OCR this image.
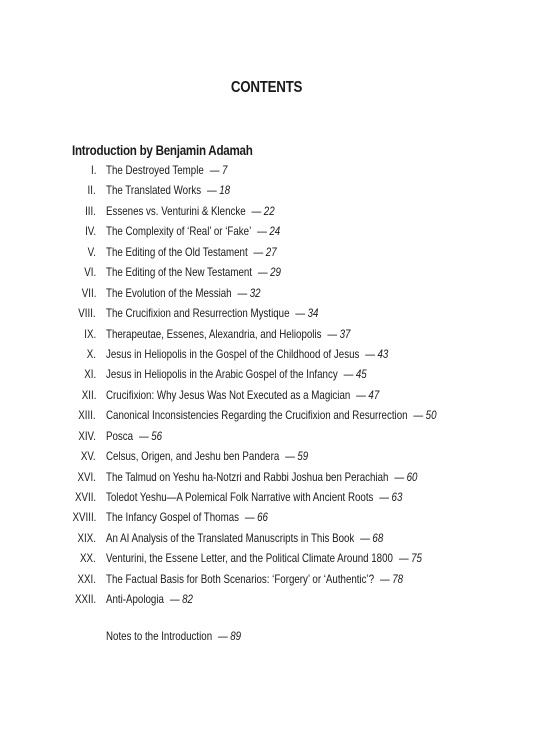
CONTENTS
Introduction by Benjamin Adamah
I. The Destroyed Temple — 7
II. The Translated Works — 18
III. Essenes vs. Venturini & Klencke — 22
IV. The Complexity of ‘Real’ or ‘Fake’ — 24
V. The Editing of the Old Testament — 27
VI. The Editing of the New Testament — 29
VII. The Evolution of the Messiah — 32
VIII. The Crucifixion and Resurrection Mystique — 34
IX. Therapeutae, Essenes, Alexandria, and Heliopolis — 37
X. Jesus in Heliopolis in the Gospel of the Childhood of Jesus — 43
XI. Jesus in Heliopolis in the Arabic Gospel of the Infancy — 45
XII. Crucifixion: Why Jesus Was Not Executed as a Magician — 47
XIII. Canonical Inconsistencies Regarding the Crucifixion and Resurrection — 50
XIV. Posca — 56
XV. Celsus, Origen, and Jeshu ben Pandera — 59
XVI. The Talmud on Yeshu ha-Notzri and Rabbi Joshua ben Perachiah — 60
XVII. Toledot Yeshu—A Polemical Folk Narrative with Ancient Roots — 63
XVIII. The Infancy Gospel of Thomas — 66
XIX. An AI Analysis of the Translated Manuscripts in This Book — 68
XX. Venturini, the Essene Letter, and the Political Climate Around 1800 — 75
XXI. The Factual Basis for Both Scenarios: ‘Forgery’ or ‘Authentic’? — 78
XXII. Anti-Apologia — 82
Notes to the Introduction — 89
